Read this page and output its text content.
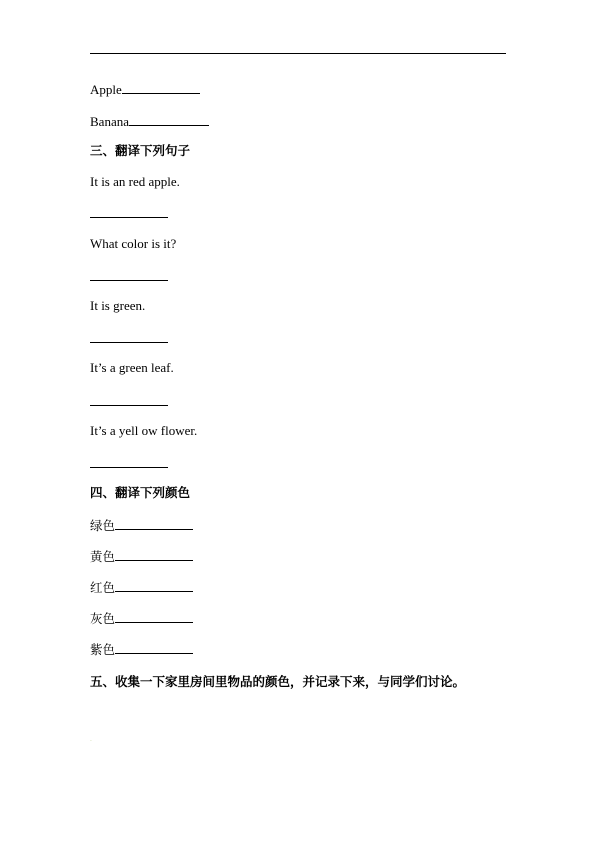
Apple
Banana
三、翻译下列句子
It is an red apple.
What color is it?
It is green.
It’s a green leaf.
It’s a yell ow flower.
四、翻译下列颜色
绿色
黄色
红色
灰色
紫色
五、收集一下家里房间里物品的颜色，并记录下来，与同学们讨论。
·
